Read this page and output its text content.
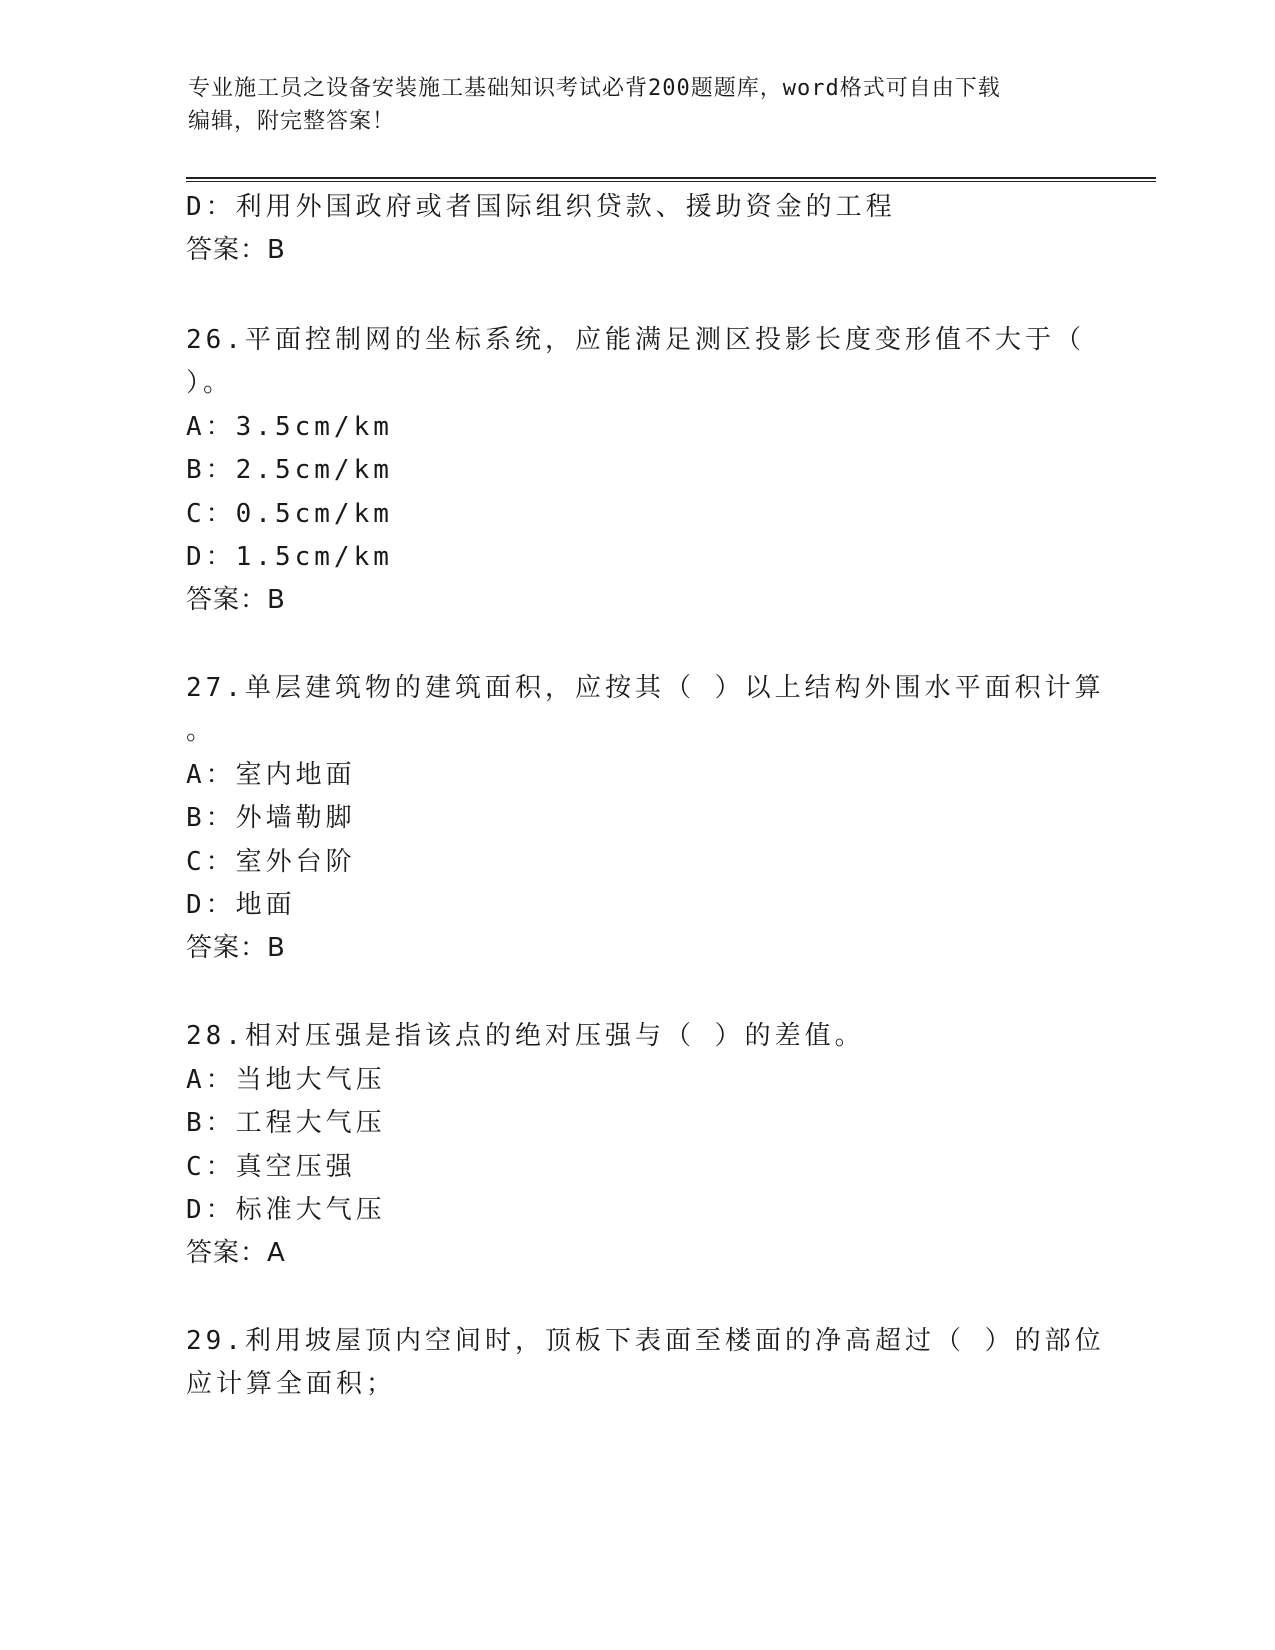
专业施工员之设备安装施工基础知识考试必背200题题库，word格式可自由下载
编辑，附完整答案！
D：利用外国政府或者国际组织贷款、援助资金的工程
答案：B
26.平面控制网的坐标系统，应能满足测区投影长度变形值不大于（
）。
A：3.5cm/km
B：2.5cm/km
C：0.5cm/km
D：1.5cm/km
答案：B
27.单层建筑物的建筑面积，应按其（ ）以上结构外围水平面积计算
。
A：室内地面
B：外墙勒脚
C：室外台阶
D：地面
答案：B
28.相对压强是指该点的绝对压强与（ ）的差值。
A：当地大气压
B：工程大气压
C：真空压强
D：标准大气压
答案：A
29.利用坡屋顶内空间时，顶板下表面至楼面的净高超过（ ）的部位
应计算全面积；
